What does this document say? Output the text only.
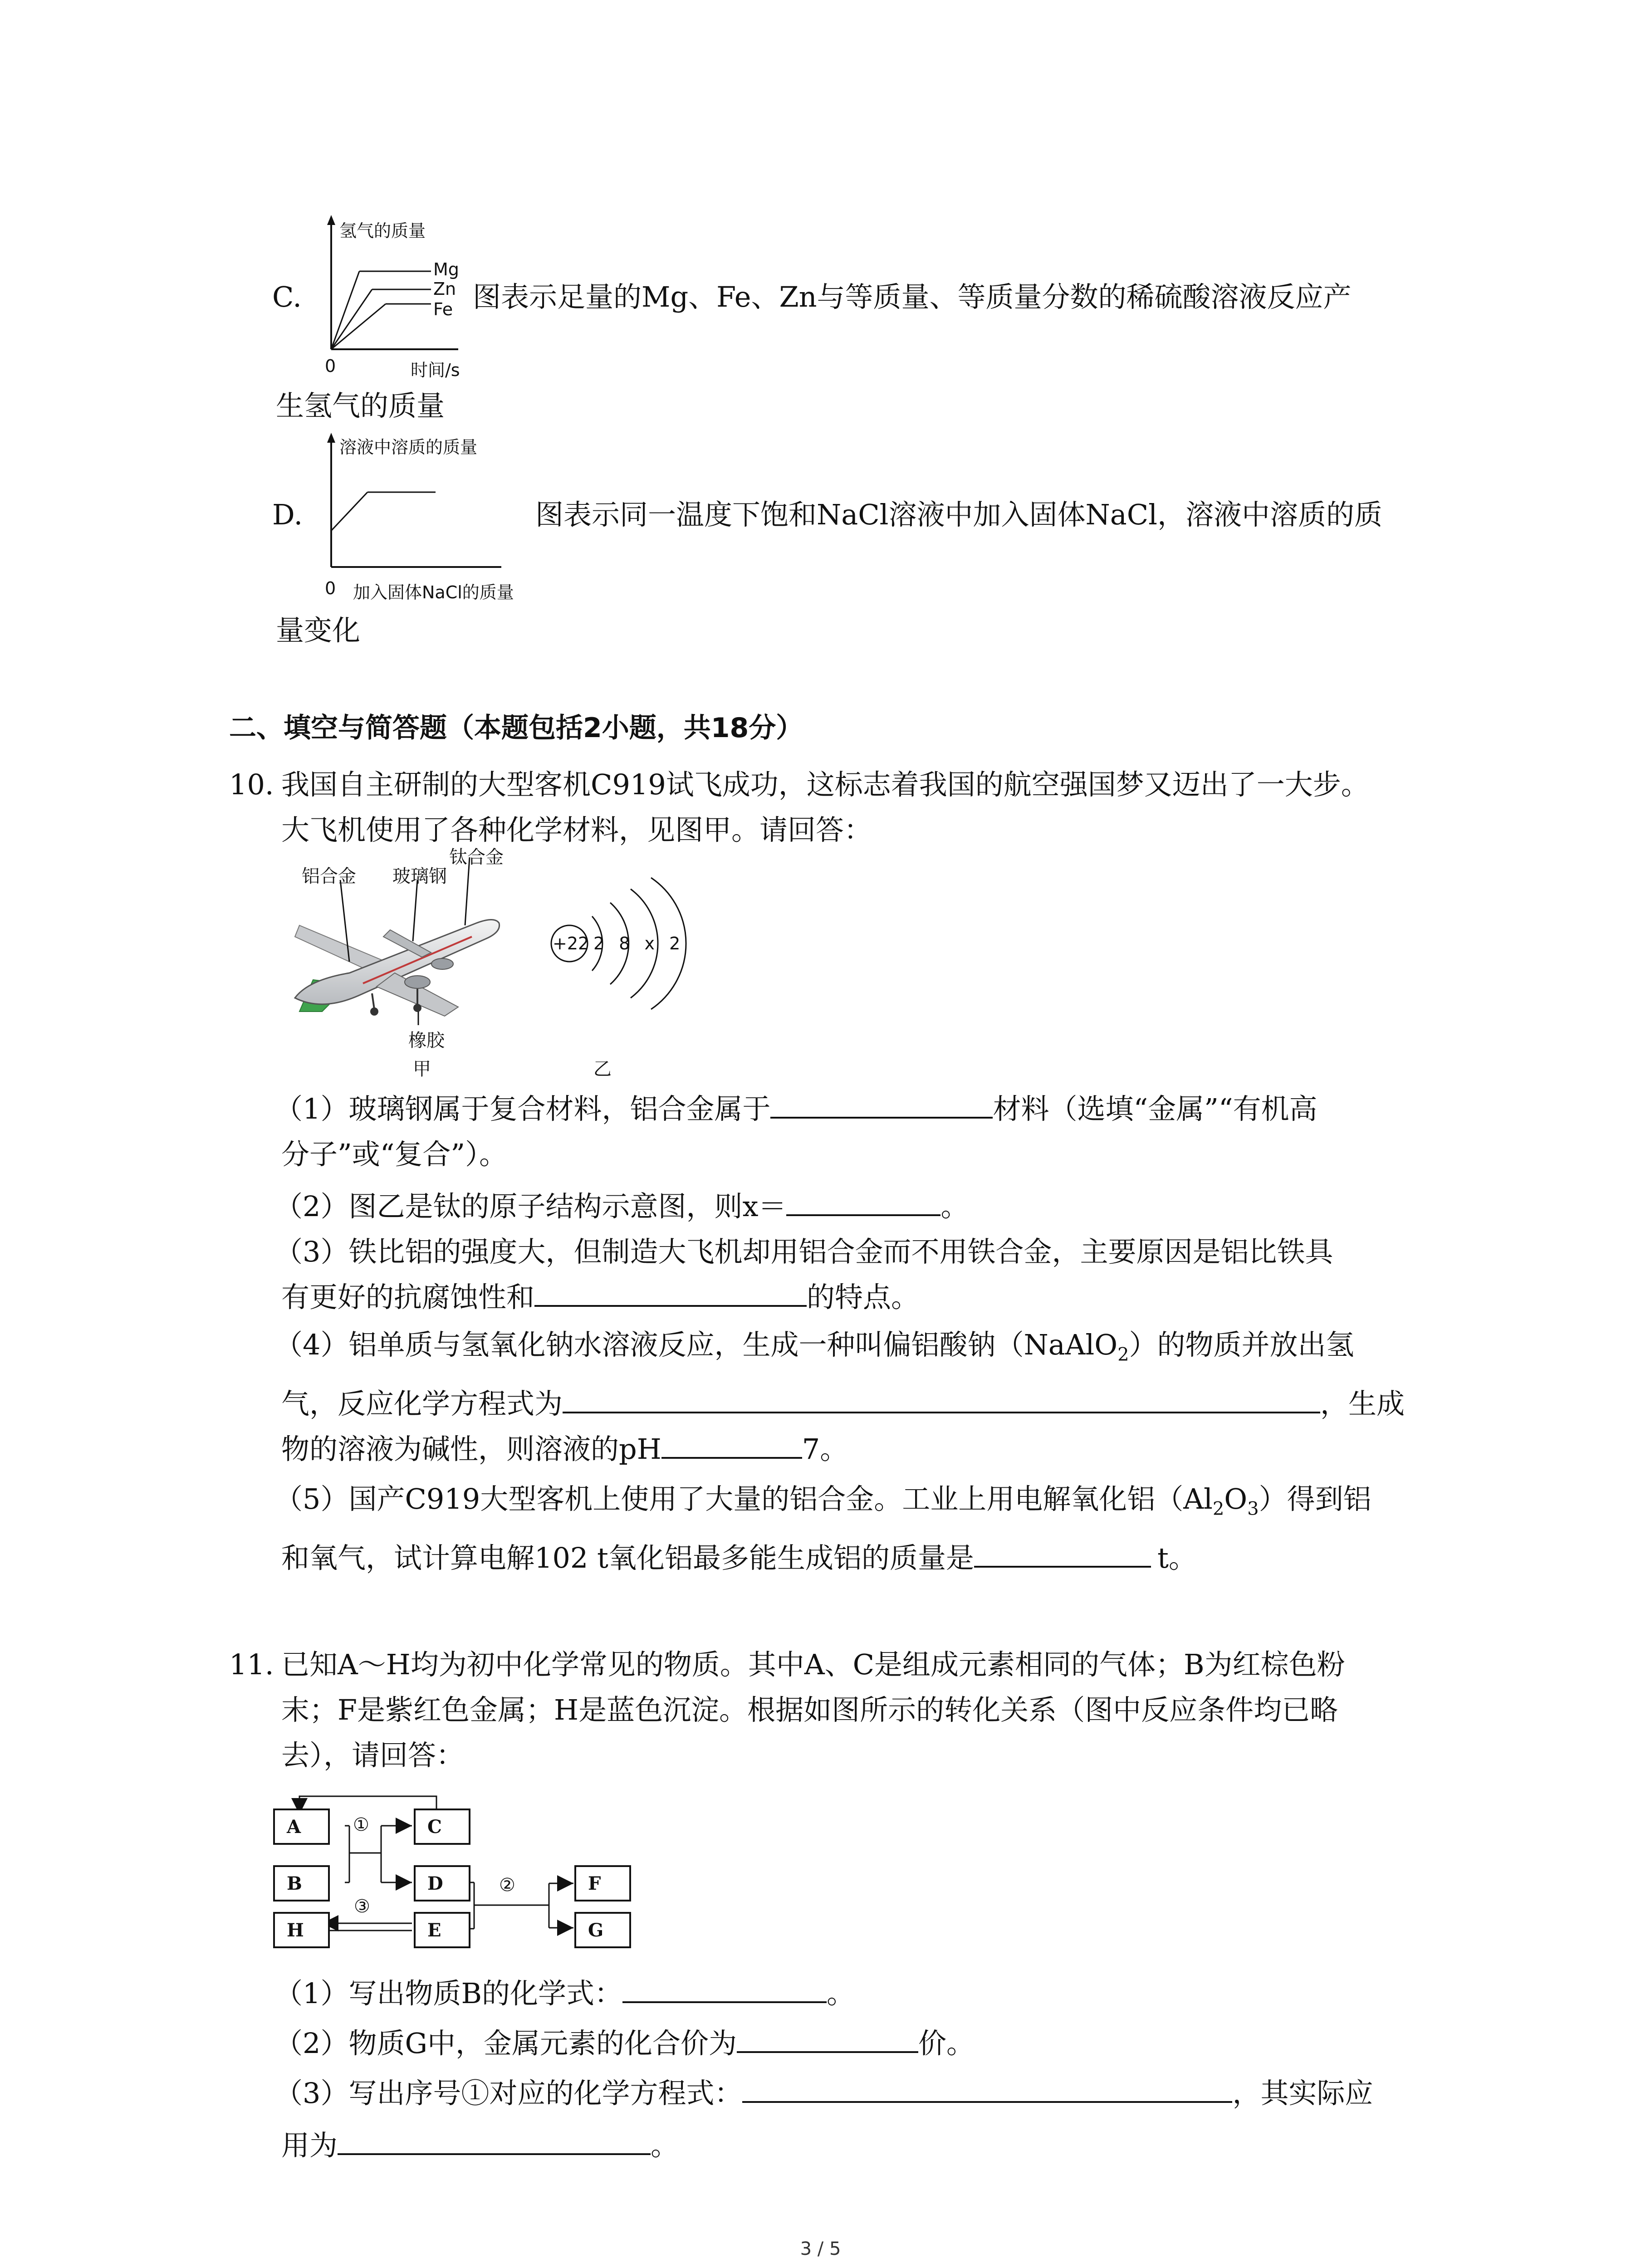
氢气的质量
Mg
Zn
Fe
0	时间/s
C.	图表示足量的Mg、Fe、Zn与等质量、等质量分数的稀硫酸溶液反应产
生氢气的质量
溶液中溶质的质量
0 加入固体NaCl的质量
D.	图表示同一温度下饱和NaCl溶液中加入固体NaCl，溶液中溶质的质
量变化
二、填空与简答题（本题包括2小题，共18分）
10. 我国自主研制的大型客机C919试飞成功，这标志着我国的航空强国梦又迈出了一大步。
大飞机使用了各种化学材料，见图甲。请回答：
铝合金 玻璃钢
钛合金
橡胶
甲
+22 2 8 x 2
乙
（1）玻璃钢属于复合材料，铝合金属于	材料（选填“金属”“有机高
分子”或“复合”）。
（2）图乙是钛的原子结构示意图，则x＝	。
（3）铁比铝的强度大，但制造大飞机却用铝合金而不用铁合金，主要原因是铝比铁具
有更好的抗腐蚀性和	的特点。
（4）铝单质与氢氧化钠水溶液反应，生成一种叫偏铝酸钠（NaAlO$_2$）的物质并放出氢
气，反应化学方程式为	，生成
物的溶液为碱性，则溶液的pH	7。
（5）国产C919大型客机上使用了大量的铝合金。工业上用电解氧化铝$(Al_2O_3)$得到铝
和氧气，试计算电解102 t氧化铝最多能生成铝的质量是	t。
11. 已知A～H均为初中化学常见的物质。其中A、C是组成元素相同的气体；B为红棕色粉
末；F是紫红色金属；H是蓝色沉淀。根据如图所示的转化关系（图中反应条件均已略
去），请回答：
A
B
H
C
D
E
F
G
①
②
③
（1）写出物质B的化学式：	。
（2）物质G中，金属元素的化合价为	价。
（3）写出序号①对应的化学方程式：	，其实际应
用为	。
3 / 5
